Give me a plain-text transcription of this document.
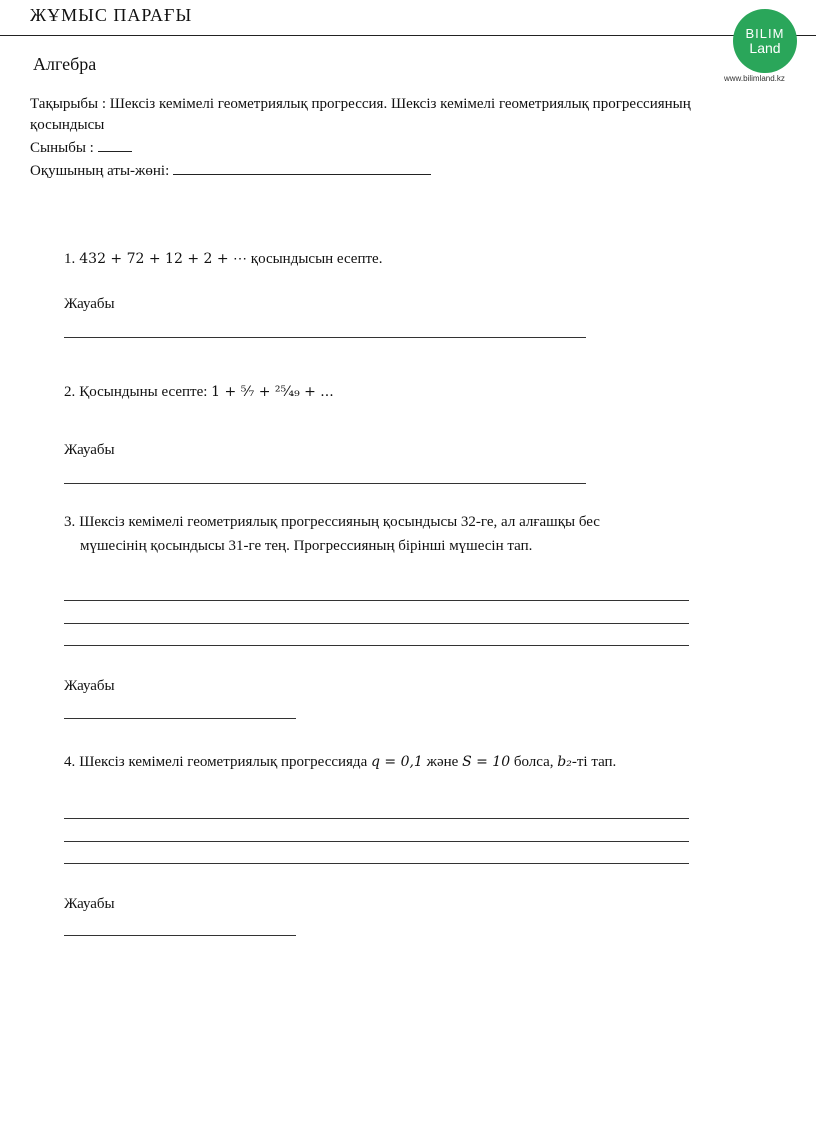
ЖҰМЫС ПАРАҒЫ
BILIM
Land
www.bilimland.kz
Алгебра
Тақырыбы : Шексіз кемімелі геометриялық прогрессия. Шексіз кемімелі геометриялық прогрессияның қосындысы
Сыныбы :
Оқушының аты-жөні:
1. 432 + 72 + 12 + 2 + ⋯ қосындысын есепте.
Жауабы
2. Қосындыны есепте: 1 + ⁵⁄₇ + ²⁵⁄₄₉ + ...
Жауабы
3. Шексіз кемімелі геометриялық прогрессияның қосындысы 32-ге, ал алғашқы бес
мүшесінің қосындысы 31-ге тең. Прогрессияның бірінші мүшесін тап.
Жауабы
4. Шексіз кемімелі геометриялық прогрессияда q = 0,1 және S = 10 болса, b₂-ті тап.
Жауабы
